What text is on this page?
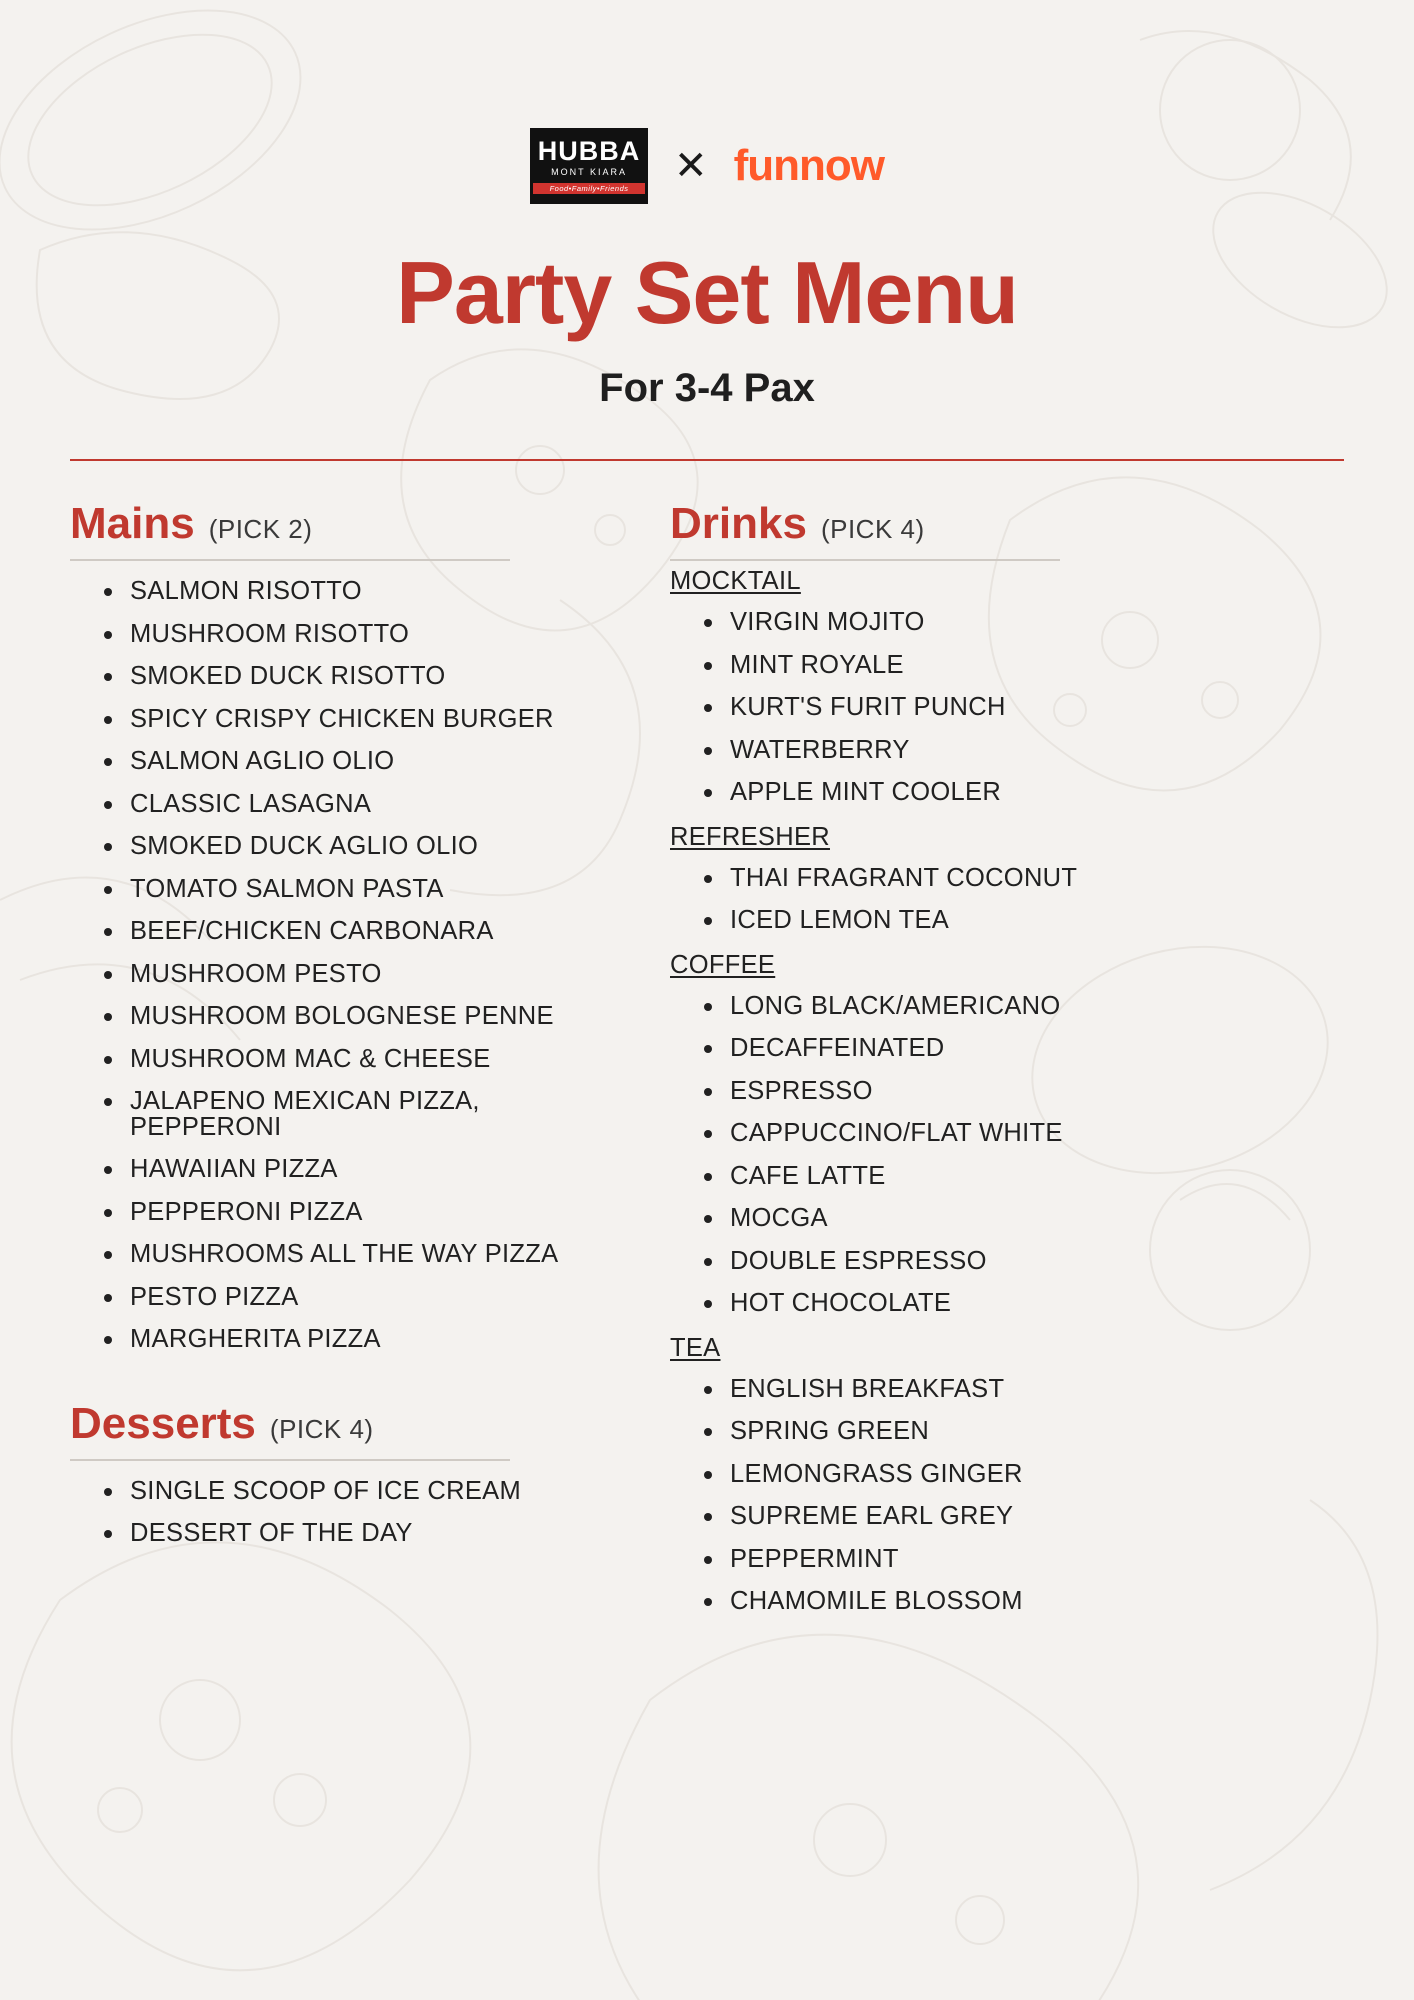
HUBBA
MONT KIARA
Food•Family•Friends
✕ funnow
Party Set Menu
For 3-4 Pax
Mains (PICK 2)
SALMON RISOTTO
MUSHROOM RISOTTO
SMOKED DUCK RISOTTO
SPICY CRISPY CHICKEN BURGER
SALMON AGLIO OLIO
CLASSIC LASAGNA
SMOKED DUCK AGLIO OLIO
TOMATO SALMON PASTA
BEEF/CHICKEN CARBONARA
MUSHROOM PESTO
MUSHROOM BOLOGNESE PENNE
MUSHROOM MAC & CHEESE
JALAPENO MEXICAN PIZZA, PEPPERONI
HAWAIIAN PIZZA
PEPPERONI PIZZA
MUSHROOMS ALL THE WAY PIZZA
PESTO PIZZA
MARGHERITA PIZZA
Desserts (PICK 4)
SINGLE SCOOP OF ICE CREAM
DESSERT OF THE DAY
Drinks (PICK 4)
MOCKTAIL
VIRGIN MOJITO
MINT ROYALE
KURT'S FURIT PUNCH
WATERBERRY
APPLE MINT COOLER
REFRESHER
THAI FRAGRANT COCONUT
ICED LEMON TEA
COFFEE
LONG BLACK/AMERICANO
DECAFFEINATED
ESPRESSO
CAPPUCCINO/FLAT WHITE
CAFE LATTE
MOCGA
DOUBLE ESPRESSO
HOT CHOCOLATE
TEA
ENGLISH BREAKFAST
SPRING GREEN
LEMONGRASS GINGER
SUPREME EARL GREY
PEPPERMINT
CHAMOMILE BLOSSOM
